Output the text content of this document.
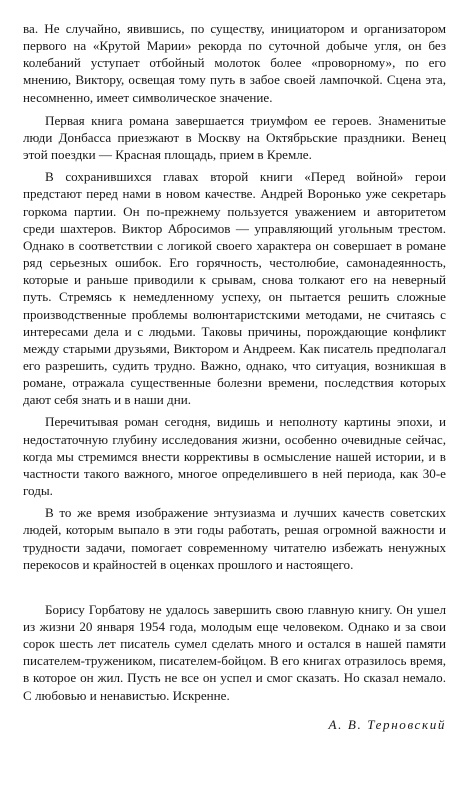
ва. Не случайно, явившись, по существу, инициатором и организатором первого на «Крутой Марии» рекорда по суточной добыче угля, он без колебаний уступает отбойный молоток более «проворному», по его мнению, Виктору, освещая тому путь в забое своей лампочкой. Сцена эта, несомненно, имеет символическое значение.

Первая книга романа завершается триумфом ее героев. Знаменитые люди Донбасса приезжают в Москву на Октябрьские праздники. Венец этой поездки — Красная площадь, прием в Кремле.

В сохранившихся главах второй книги «Перед войной» герои предстают перед нами в новом качестве. Андрей Воронько уже секретарь горкома партии. Он по-прежнему пользуется уважением и авторитетом среди шахтеров. Виктор Абросимов — управляющий угольным трестом. Однако в соответствии с логикой своего характера он совершает в романе ряд серьезных ошибок. Его горячность, честолюбие, самонадеянность, которые и раньше приводили к срывам, снова толкают его на неверный путь. Стремясь к немедленному успеху, он пытается решить сложные производственные проблемы волюнтаристскими методами, не считаясь с интересами дела и с людьми. Таковы причины, порождающие конфликт между старыми друзьями, Виктором и Андреем. Как писатель предполагал его разрешить, судить трудно. Важно, однако, что ситуация, возникшая в романе, отражала существенные болезни времени, последствия которых дают себя знать и в наши дни.

Перечитывая роман сегодня, видишь и неполноту картины эпохи, и недостаточную глубину исследования жизни, особенно очевидные сейчас, когда мы стремимся внести коррективы в осмысление нашей истории, и в частности такого важного, многое определившего в ней периода, как 30-е годы.

В то же время изображение энтузиазма и лучших качеств советских людей, которым выпало в эти годы работать, решая огромной важности и трудности задачи, помогает современному читателю избежать ненужных перекосов и крайностей в оценках прошлого и настоящего.

Борису Горбатову не удалось завершить свою главную книгу. Он ушел из жизни 20 января 1954 года, молодым еще человеком. Однако и за свои сорок шесть лет писатель сумел сделать много и остался в нашей памяти писателем-тружеником, писателем-бойцом. В его книгах отразилось время, в которое он жил. Пусть не все он успел и смог сказать. Но сказал немало. С любовью и ненавистью. Искренне.

А. В. Терновский
